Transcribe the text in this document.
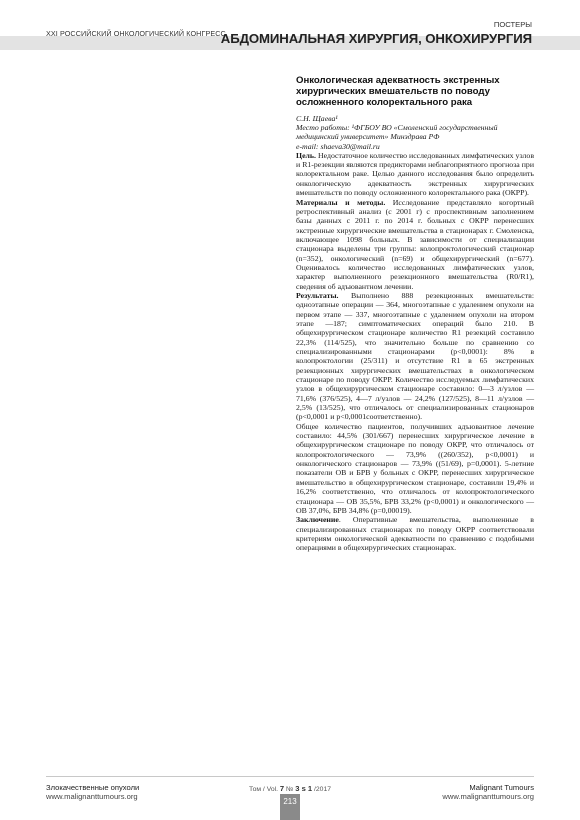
XXI РОССИЙСКИЙ ОНКОЛОГИЧЕСКИЙ КОНГРЕСС
ПОСТЕРЫ
АБДОМИНАЛЬНАЯ ХИРУРГИЯ, ОНКОХИРУРГИЯ
Онкологическая адекватность экстренных хирургических вмешательств по поводу осложненного колоректального рака
С.Н. Щаева¹
Место работы: ¹ФГБОУ ВО «Смоленский государственный медицинский университет» Минздрава РФ
e-mail: shaeva30@mail.ru

Цель. Недостаточное количество исследованных лимфатических узлов и R1-резекции являются предикторами неблагоприятного прогноза при колоректальном раке. Целью данного исследования было определить онкологическую адекватность экстренных хирургических вмешательств по поводу осложненного колоректального рака (ОКРР).

Материалы и методы. Исследование представляло когортный ретроспективный анализ (с 2001 г) с проспективным заполнением базы данных с 2011 г. по 2014 г. больных с ОКРР перенесших экстренные хирургические вмешательства в стационарах г. Смоленска, включающее 1098 больных. В зависимости от специализации стационара выделены три группы: колопроктологический стационар (n=352), онкологический (n=69) и общехирургический (n=677). Оценивалось количество исследованных лимфатических узлов, характер выполненного резекционного вмешательства (R0/R1), сведения об адъювантном лечении.

Результаты. Выполнено 888 резекционных вмешательств: одноэтапные операции — 364, многоэтапные с удалением опухоли на первом этапе — 337, многоэтапные с удалением опухоли на втором этапе —187; симптоматических операций было 210. В общехирургическом стационаре количество R1 резекций составило 22,3% (114/525), что значительно больше по сравнению со специализированными стационарами (p<0,0001): 8% в колопроктологии (25/311) и отсутствие R1 в 65 экстренных резекционных хирургических вмешательствах в онкологическом стационаре по поводу ОКРР. Количество исследуемых лимфатических узлов в общехирургическом стационаре составило: 0—3 л/узлов — 71,6% (376/525), 4—7 л/узлов — 24,2% (127/525), 8—11 л/узлов — 2,5% (13/525), что отличалось от специализированных стационаров (p<0,0001 и p<0,0001соответственно).

Общее количество пациентов, получивших адъювантное лечение составило: 44,5% (301/667) перенесших хирургическое лечение в общехирургическом стационаре по поводу ОКРР, что отличалось от колопроктологического — 73,9% ((260/352), p<0,0001) и онкологического стационаров — 73,9% ((51/69), p=0,0001). 5-летние показатели ОВ и БРВ у больных с ОКРР, перенесших хирургическое вмешательство в общехирургическом стационаре, составили 19,4% и 16,2% соответственно, что отличалось от колопроктологического стационара — ОВ 35,5%, БРВ 33,2% (p<0,0001) и онкологического — ОВ 37,0%, БРВ 34,8% (p=0,00019).

Заключение. Оперативные вмешательства, выполненные в специализированных стационарах по поводу ОКРР соответствовали критериям онкологической адекватности по сравнению с подобными операциями в общехирургических стационарах.

Злокачественные опухоли
www.malignanttumours.org
Том / Vol. 7 № 3 s 1 /2017
213
Malignant Tumours
www.malignanttumours.org
